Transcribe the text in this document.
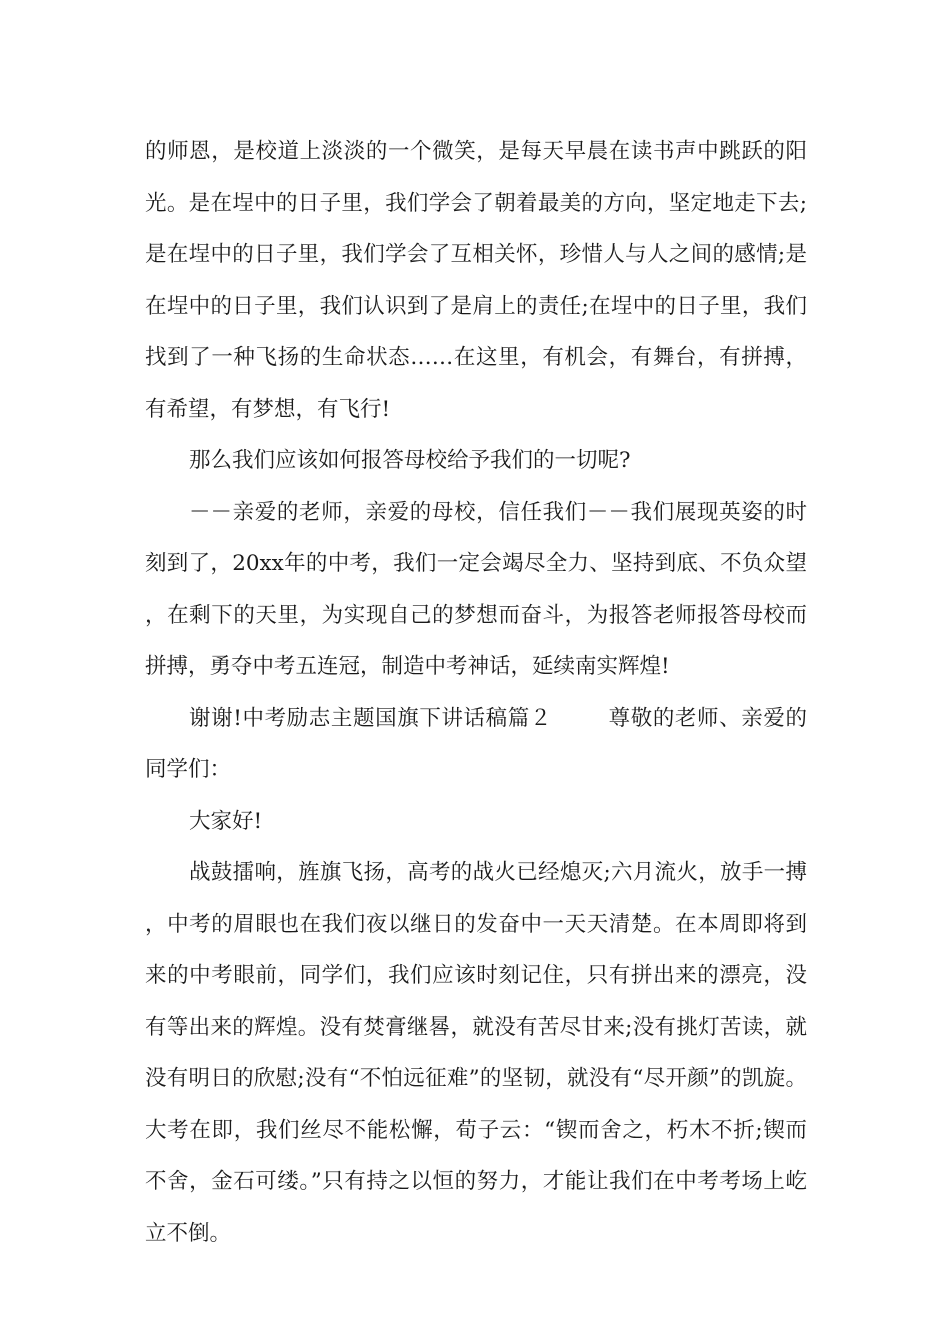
的师恩，是校道上淡淡的一个微笑，是每天早晨在读书声中跳跃的阳光。是在埕中的日子里，我们学会了朝着最美的方向，坚定地走下去;是在埕中的日子里，我们学会了互相关怀，珍惜人与人之间的感情;是在埕中的日子里，我们认识到了是肩上的责任;在埕中的日子里，我们找到了一种飞扬的生命状态……在这里，有机会，有舞台，有拼搏，有希望，有梦想，有飞行!

那么我们应该如何报答母校给予我们的一切呢?

－－亲爱的老师，亲爱的母校，信任我们－－我们展现英姿的时刻到了，20xx年的中考，我们一定会竭尽全力、坚持到底、不负众望，在剩下的天里，为实现自己的梦想而奋斗，为报答老师报答母校而拼搏，勇夺中考五连冠，制造中考神话，延续南实辉煌!

谢谢!中考励志主题国旗下讲话稿篇２	尊敬的老师、亲爱的同学们：

大家好!

战鼓擂响，旌旗飞扬，高考的战火已经熄灭;六月流火，放手一搏，中考的眉眼也在我们夜以继日的发奋中一天天清楚。在本周即将到来的中考眼前，同学们，我们应该时刻记住，只有拼出来的漂亮，没有等出来的辉煌。没有焚膏继晷，就没有苦尽甘来;没有挑灯苦读，就没有明日的欣慰;没有“不怕远征难”的坚韧，就没有“尽开颜”的凯旋。大考在即，我们丝尽不能松懈，荀子云：“锲而舍之，朽木不折;锲而不舍，金石可缕。”只有持之以恒的努力，才能让我们在中考考场上屹立不倒。
